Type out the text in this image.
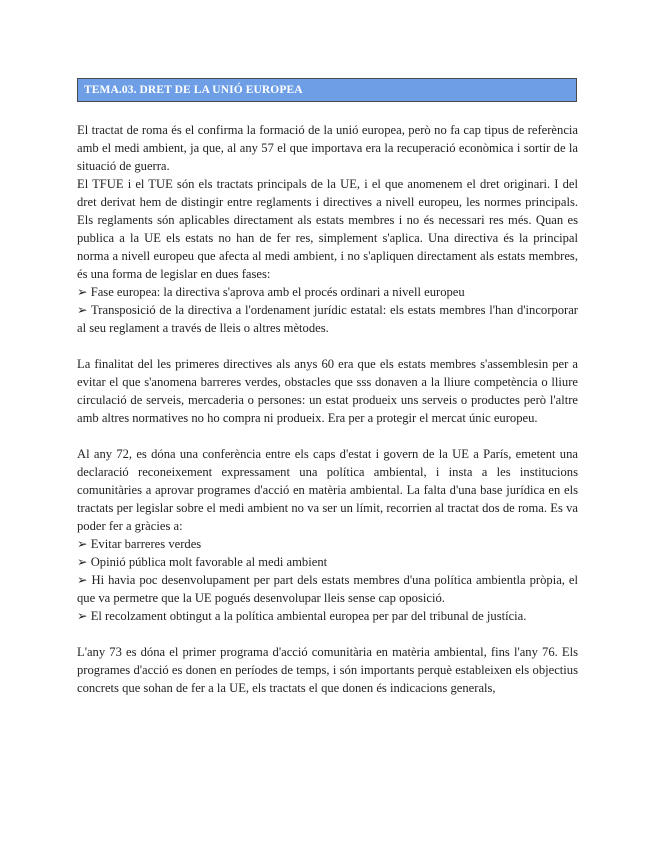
TEMA.03. DRET DE LA UNIÓ EUROPEA

El tractat de roma és el confirma la formació de la unió europea, però no fa cap tipus de referència amb el medi ambient, ja que, al any 57 el que importava era la recuperació econòmica i sortir de la situació de guerra.

El TFUE i el TUE són els tractats principals de la UE, i el que anomenem el dret originari. I del dret derivat hem de distingir entre reglaments i directives a nivell europeu, les normes principals. Els reglaments són aplicables directament als estats membres i no és necessari res més. Quan es publica a la UE els estats no han de fer res, simplement s'aplica. Una directiva és la principal norma a nivell europeu que afecta al medi ambient, i no s'apliquen directament als estats membres, és una forma de legislar en dues fases:

➢ Fase europea: la directiva s'aprova amb el procés ordinari a nivell europeu

➢ Transposició de la directiva a l'ordenament jurídic estatal: els estats membres l'han d'incorporar al seu reglament a través de lleis o altres mètodes.

La finalitat del les primeres directives als anys 60 era que els estats membres s'assemblesin per a evitar el que s'anomena barreres verdes, obstacles que sss donaven a la lliure competència o lliure circulació de serveis, mercaderia o persones: un estat produeix uns serveis o productes però l'altre amb altres normatives no ho compra ni produeix. Era per a protegir el mercat únic europeu.

Al any 72, es dóna una conferència entre els caps d'estat i govern de la UE a París, emetent una declaració reconeixement expressament una política ambiental, i insta a les institucions comunitàries a aprovar programes d'acció en matèria ambiental. La falta d'una base jurídica en els tractats per legislar sobre el medi ambient no va ser un límit, recorrien al tractat dos de roma. Es va poder fer a gràcies a:

➢ Evitar barreres verdes

➢ Opinió pública molt favorable al medi ambient

➢ Hi havia poc desenvolupament per part dels estats membres d'una política ambientla pròpia, el que va permetre que la UE pogués desenvolupar lleis sense cap oposició.

➢ El recolzament obtingut a la política ambiental europea per par del tribunal de justícia.

L'any 73 es dóna el primer programa d'acció comunitària en matèria ambiental, fins l'any 76. Els programes d'acció es donen en períodes de temps, i són importants perquè estableixen els objectius concrets que sohan de fer a la UE, els tractats el que donen és indicacions generals,
